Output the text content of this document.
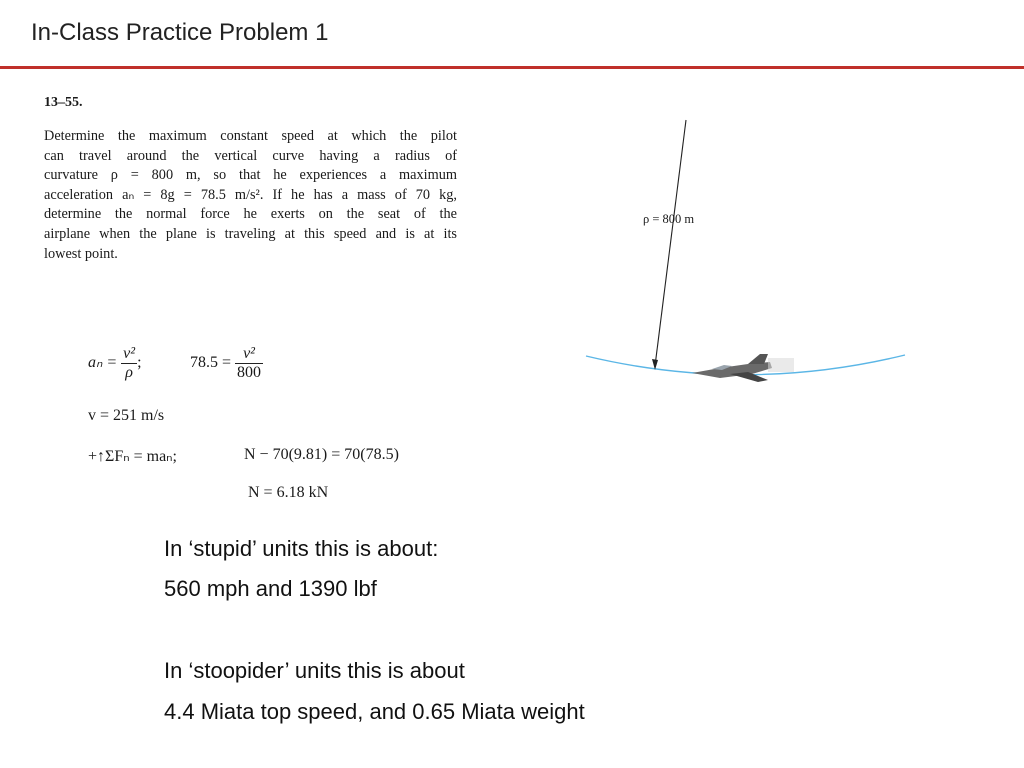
In-Class Practice Problem 1
13–55.
Determine the maximum constant speed at which the pilot
can travel around the vertical curve having a radius of
curvature ρ = 800 m, so that he experiences a maximum
acceleration aₙ = 8g = 78.5 m/s². If he has a mass of 70 kg,
determine the normal force he exerts on the seat of the
airplane when the plane is traveling at this speed and is at its
lowest point.
ρ = 800 m
$a_n = \frac{\text{v²}}{\rho}$ ;	$78.5 = \frac{\text{v²}}{800}$
v = 251 m/s
+↑ΣFₙ = maₙ;	N − 70(9.81) = 70(78.5)
N = 6.18 kN
In ‘stupid’ units this is about:
560 mph and 1390 lbf
In ‘stoopider’ units this is about
4.4 Miata top speed, and 0.65 Miata weight
